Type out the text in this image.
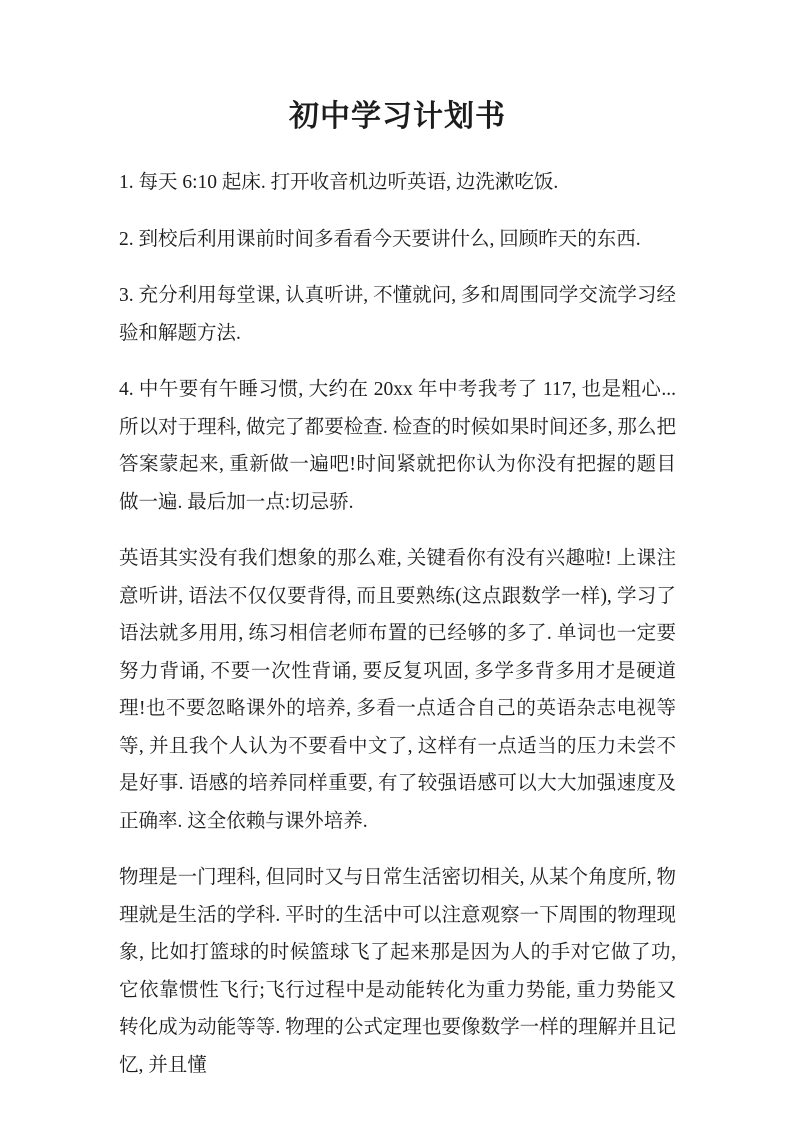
初中学习计划书

1. 每天 6:10 起床. 打开收音机边听英语, 边洗漱吃饭.

2. 到校后利用课前时间多看看今天要讲什么, 回顾昨天的东西.

3. 充分利用每堂课, 认真听讲, 不懂就问, 多和周围同学交流学习经验和解题方法.

4. 中午要有午睡习惯, 大约在 20xx 年中考我考了 117, 也是粗心...所以对于理科, 做完了都要检查. 检查的时候如果时间还多, 那么把答案蒙起来, 重新做一遍吧!时间紧就把你认为你没有把握的题目做一遍. 最后加一点:切忌骄.

英语其实没有我们想象的那么难, 关键看你有没有兴趣啦! 上课注意听讲, 语法不仅仅要背得, 而且要熟练(这点跟数学一样), 学习了语法就多用用, 练习相信老师布置的已经够的多了. 单词也一定要努力背诵, 不要一次性背诵, 要反复巩固, 多学多背多用才是硬道理!也不要忽略课外的培养, 多看一点适合自己的英语杂志电视等等, 并且我个人认为不要看中文了, 这样有一点适当的压力未尝不是好事. 语感的培养同样重要, 有了较强语感可以大大加强速度及正确率. 这全依赖与课外培养.

物理是一门理科, 但同时又与日常生活密切相关, 从某个角度所, 物理就是生活的学科. 平时的生活中可以注意观察一下周围的物理现象, 比如打篮球的时候篮球飞了起来那是因为人的手对它做了功, 它依靠惯性飞行;飞行过程中是动能转化为重力势能, 重力势能又转化成为动能等等. 物理的公式定理也要像数学一样的理解并且记忆, 并且懂
